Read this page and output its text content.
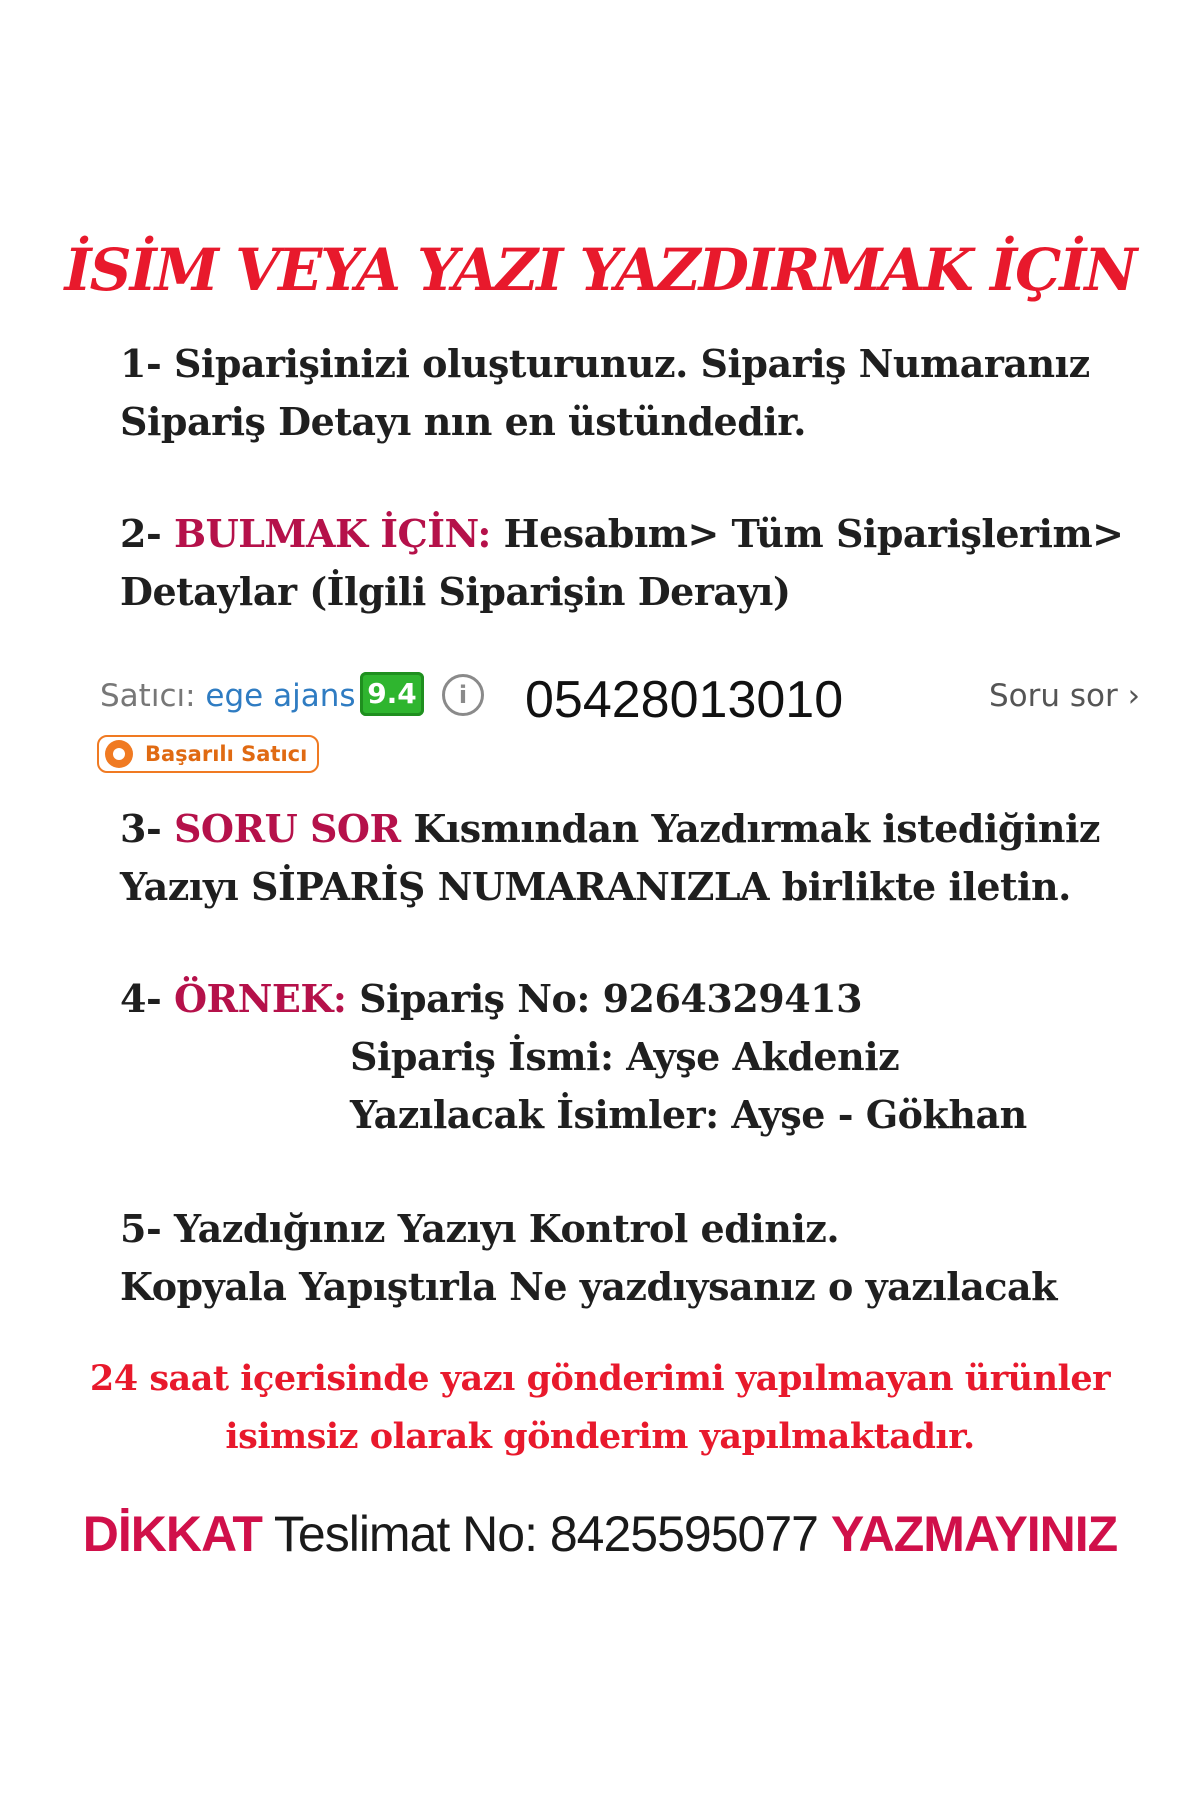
İSİM VEYA YAZI YAZDIRMAK İÇİN
1- Siparişinizi oluşturunuz. Sipariş Numaranız
Sipariş Detayı nın en üstündedir.
2- BULMAK İÇİN: Hesabım> Tüm Siparişlerim>
Detaylar (İlgili Siparişin Derayı)
Satıcı: ege ajans 9.4	i	05428013010	Soru sor ›
Başarılı Satıcı
3- SORU SOR Kısmından Yazdırmak istediğiniz
Yazıyı SİPARİŞ NUMARANIZLA birlikte iletin.
4- ÖRNEK: Sipariş No: 9264329413
Sipariş İsmi: Ayşe Akdeniz
Yazılacak İsimler: Ayşe - Gökhan
5- Yazdığınız Yazıyı Kontrol ediniz.
Kopyala Yapıştırla Ne yazdıysanız o yazılacak
24 saat içerisinde yazı gönderimi yapılmayan ürünler
isimsiz olarak gönderim yapılmaktadır.
DİKKAT Teslimat No: 8425595077 YAZMAYINIZ
